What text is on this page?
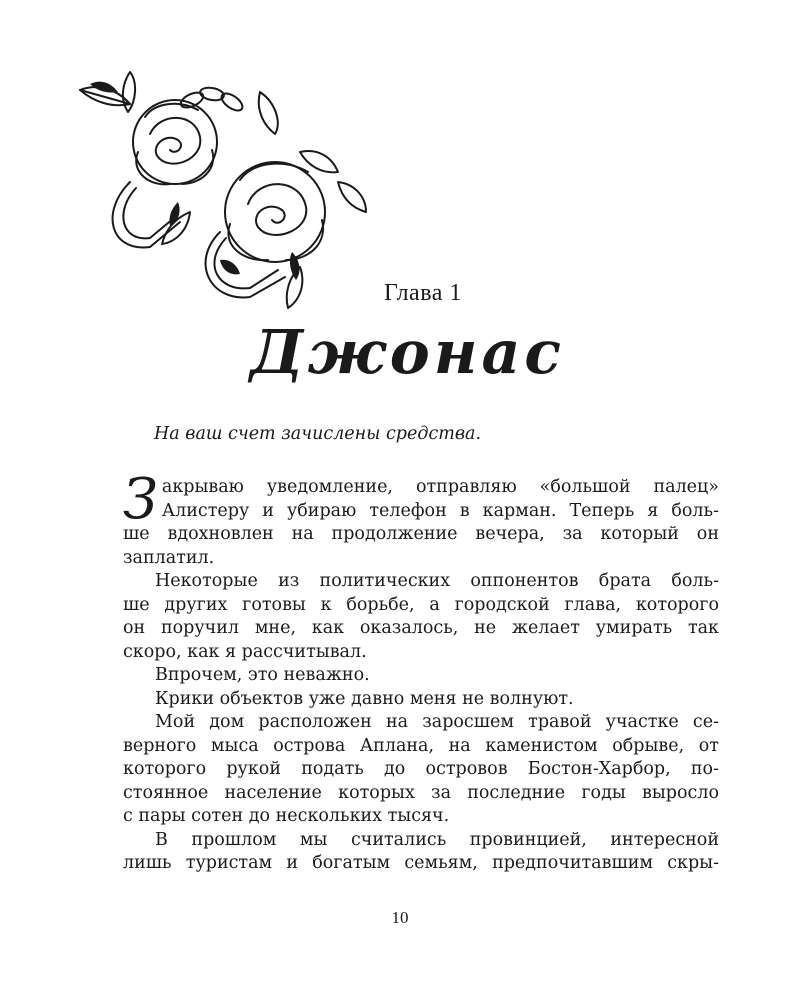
Глава 1
Джонас
На ваш счет зачислены средства.
З акрываю уведомление, отправляю «большой палец»

Алистеру и убираю телефон в карман. Теперь я боль-

ше вдохновлен на продолжение вечера, за который он

заплатил.

Некоторые из политических оппонентов брата боль-

ше других готовы к борьбе, а городской глава, которого

он поручил мне, как оказалось, не желает умирать так

скоро, как я рассчитывал.

Впрочем, это неважно.

Крики объектов уже давно меня не волнуют.

Мой дом расположен на заросшем травой участке се-

верного мыса острова Аплана, на каменистом обрыве, от

которого рукой подать до островов Бостон-Харбор, по-

стоянное население которых за последние годы выросло

с пары сотен до нескольких тысяч.

В прошлом мы считались провинцией, интересной

лишь туристам и богатым семьям, предпочитавшим скры-

10
